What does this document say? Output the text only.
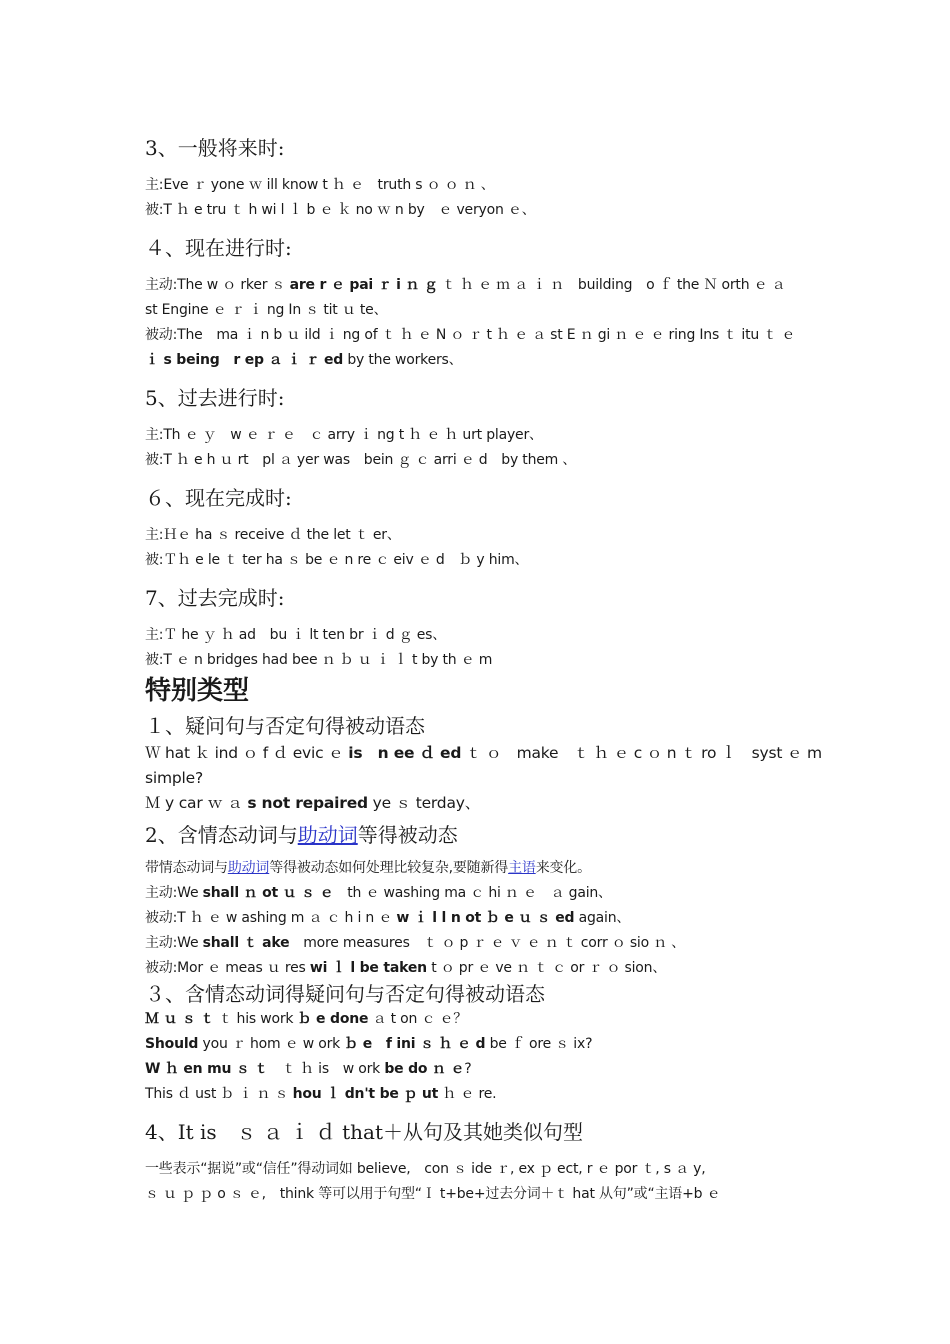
3、一般将来时:

主:Eve ｒ yone ｗ ill know t ｈ ｅ　truth s ｏ ｏ ｎ 、

被:T ｈ e tru ｔ h wi l ｌ b ｅ ｋ no ｗ n by　ｅ veryon ｅ、

４、现在进行时:

主动:The w ｏ rker ｓ are r ｅ pai ｒ i ｎ ｇ ｔ ｈ ｅ ｍ ａ ｉ ｎ　building　o ｆ the Ｎ orth ｅ ａ

st Engine ｅ ｒ ｉ ng In ｓ tit ｕ te、

被动:The　ma ｉ n b ｕ ild ｉ ng of ｔ ｈ ｅ N ｏ ｒ t ｈ ｅ ａ st E ｎ gi ｎ ｅ ｅ ring Ins ｔ itu ｔ ｅ

ｉ s being　r ep ａ ｉ ｒ ed by the workers、

5、过去进行时:

主:Th ｅ ｙ　w ｅ ｒ ｅ　ｃ arry ｉ ng t ｈ ｅ ｈ urt player、

被:T ｈ e h ｕ rt　pl ａ yer was　bein ｇ ｃ arri ｅ d　by them 、

６、现在完成时:

主:Ｈｅ ha ｓ receive ｄ the let ｔ er、

被:Ｔｈ e le ｔ ter ha ｓ be ｅ n re ｃ eiv ｅ d　ｂ y him、

7、过去完成时:

主:Ｔ he ｙ ｈ ad　bu ｉ lt ten br ｉ d ｇ es、

被:T ｅ n bridges had bee ｎ ｂ ｕ ｉ ｌ t by th ｅ m

特别类型
１、疑问句与否定句得被动语态

Ｗ hat ｋ ind ｏ f ｄ evic ｅ is　n ee ｄ ed ｔ ｏ　make　ｔ ｈ ｅ c ｏ n ｔ ro ｌ　syst ｅ m

simple?

Ｍ y car ｗ ａ s not repaired ye ｓ terday、

2、含情态动词与助动词等得被动态

带情态动词与助动词等得被动态如何处理比较复杂,要随新得主语来变化。

主动:We shall ｎ ot ｕ ｓ ｅ　th ｅ washing ma ｃ hi ｎ ｅ　ａ gain、

被动:T ｈ ｅ w ashing m ａ ｃ h i n ｅ w ｉ l l n ot ｂ e ｕ ｓ ed again、

主动:We shall ｔ ake　more measures　ｔ ｏ p ｒ ｅ ｖ ｅ ｎ ｔ corr ｏ sio ｎ 、

被动:Mor ｅ meas ｕ res wi ｌ l be taken t ｏ pr ｅ ve ｎ ｔ ｃ or ｒ ｏ sion、

３、含情态动词得疑问句与否定句得被动语态

Ｍ ｕ ｓ ｔ ｔ his work ｂ e done ａ t on ｃ ｅ？

Should you ｒ hom ｅ w ork ｂ e　f ini ｓ ｈ ｅ d be ｆ ore ｓ ix?

W ｈ en mu ｓ ｔ　ｔ ｈ is　w ork be do ｎ ｅ?

This ｄ ust ｂ ｉ ｎ ｓ hou ｌ dn't be ｐ ut ｈ ｅ re.

4、It is　ｓ ａ ｉ ｄ that＋从句及其她类似句型

一些表示“据说”或“信任”得动词如 believe,　con ｓ ide ｒ, ex ｐ ect, r ｅ por ｔ, s ａ y,

ｓ ｕ ｐ ｐ o ｓ ｅ,　think 等可以用于句型“Ｉ t+be+过去分词＋ｔ hat 从句”或“主语+b ｅ
